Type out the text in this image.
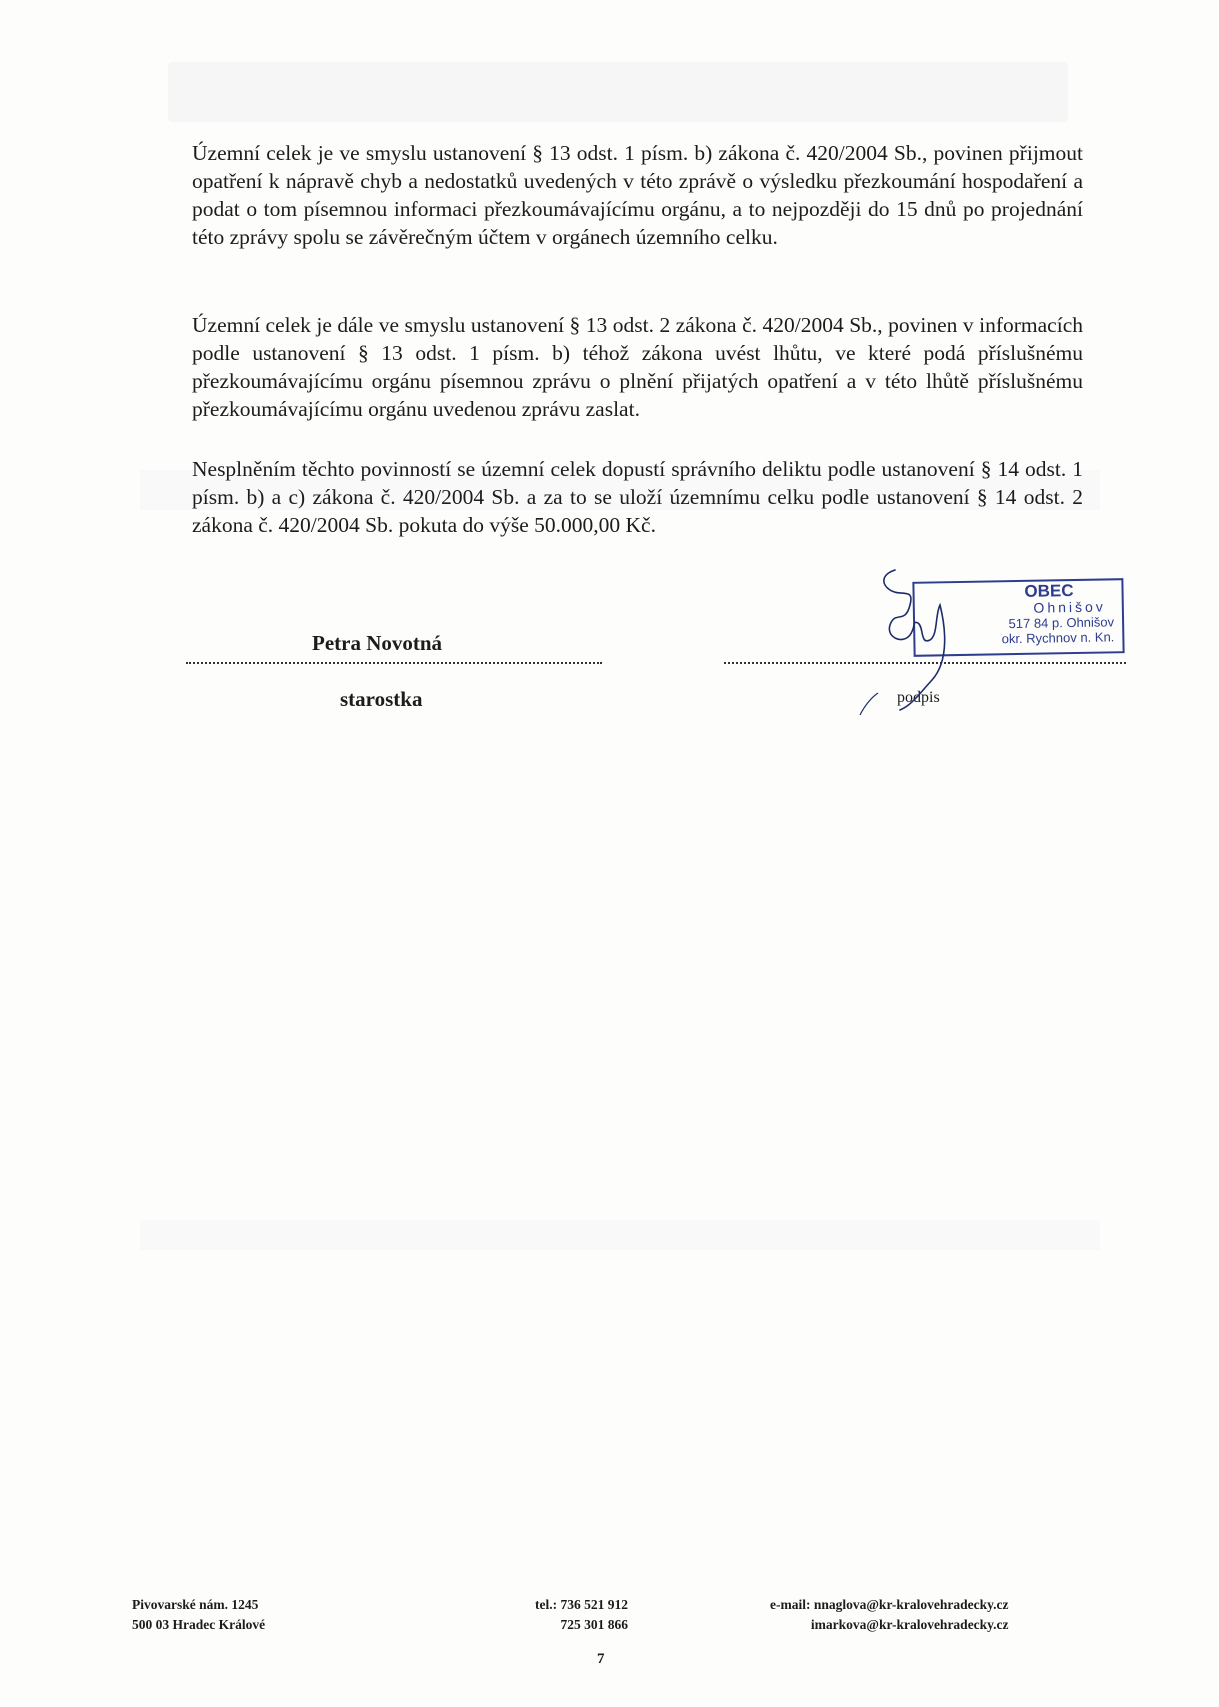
Územní celek je ve smyslu ustanovení § 13 odst. 1 písm. b) zákona č. 420/2004 Sb., povinen přijmout opatření k nápravě chyb a nedostatků uvedených v této zprávě o výsledku přezkoumání hospodaření a podat o tom písemnou informaci přezkoumávajícímu orgánu, a to nejpozději do 15 dnů po projednání této zprávy spolu se závěrečným účtem v orgánech územního celku.

Územní celek je dále ve smyslu ustanovení § 13 odst. 2 zákona č. 420/2004 Sb., povinen v informacích podle ustanovení § 13 odst. 1 písm. b) téhož zákona uvést lhůtu, ve které podá příslušnému přezkoumávajícímu orgánu písemnou zprávu o plnění přijatých opatření a v této lhůtě příslušnému přezkoumávajícímu orgánu uvedenou zprávu zaslat.

Nesplněním těchto povinností se územní celek dopustí správního deliktu podle ustanovení § 14 odst. 1 písm. b) a c) zákona č. 420/2004 Sb. a za to se uloží územnímu celku podle ustanovení § 14 odst. 2 zákona č. 420/2004 Sb. pokuta do výše 50.000,00 Kč.

Petra Novotná
starostka	podpis
OBEC
Ohnišov
517 84 p. Ohnišov
okr. Rychnov n. Kn.
Pivovarské nám. 1245
500 03 Hradec Králové
tel.: 736 521 912
725 301 866
e-mail: nnaglova@kr-kralovehradecky.cz
imarkova@kr-kralovehradecky.cz
7
